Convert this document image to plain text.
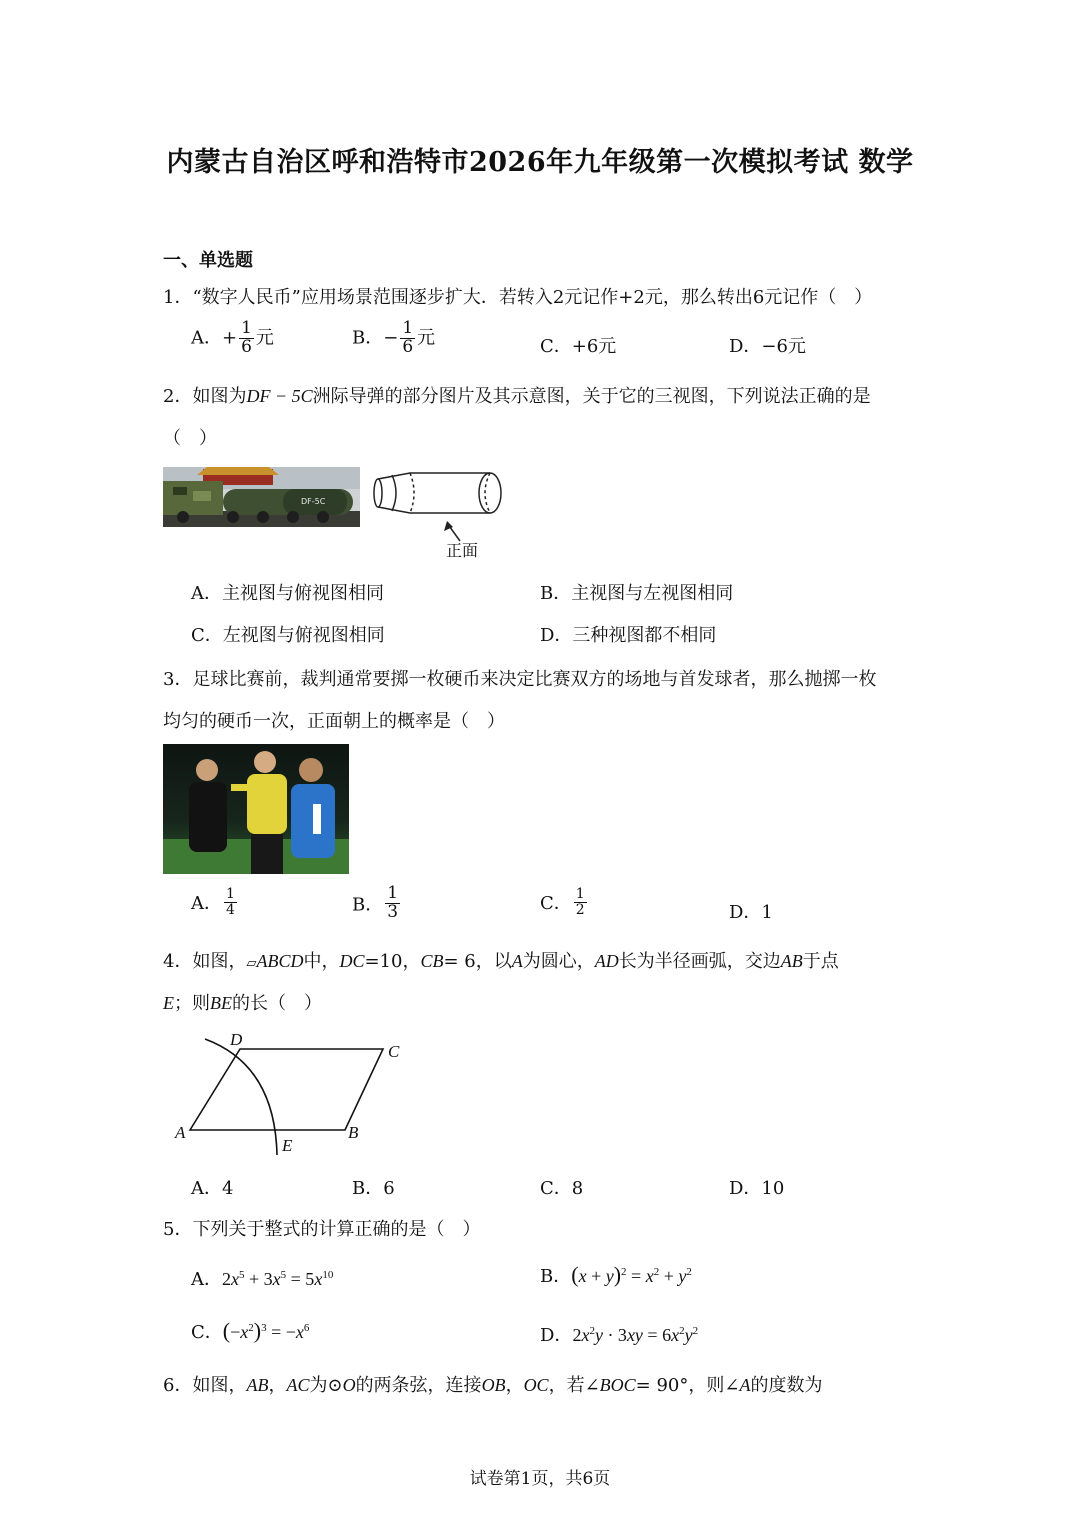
内蒙古自治区呼和浩特市2026年九年级第一次模拟考试 数学
一、单选题
1．“数字人民币”应用场景范围逐步扩大．若转入2元记作+2元，那么转出6元记作（　）
A．+ $\frac{1}{6}$ 元	B．− $\frac{1}{6}$ 元	C．+6元	D．−6元
2．如图为DF − 5C洲际导弹的部分图片及其示意图，关于它的三视图，下列说法正确的是
（　）
DF-5C
正面
A．主视图与俯视图相同	B．主视图与左视图相同
C．左视图与俯视图相同	D．三种视图都不相同
3．足球比赛前，裁判通常要掷一枚硬币来决定比赛双方的场地与首发球者，那么抛掷一枚
均匀的硬币一次，正面朝上的概率是（　）
A． $\frac{1}{4}$	B． $\frac{1}{3}$	C． $\frac{1}{2}$	D．1
4．如图，▱ABCD中，DC=10，CB= 6，以A为圆心，AD长为半径画弧，交边AB于点
E；则BE的长（　）
A	B
C
D
E
A．4	B．6	C．8	D．10
5．下列关于整式的计算正确的是（　）
A．$2x^5 + 3x^5 = 5x^{10}$	B．$(x + y)^2 = x^2 + y^2$
C．$(-x^2)^3 = -x^6$	D．$2x^2y \cdot 3xy = 6x^2y^2$
6．如图，AB，AC为⊙O的两条弦，连接OB，OC，若∠BOC= 90°，则∠A的度数为
试卷第1页，共6页
